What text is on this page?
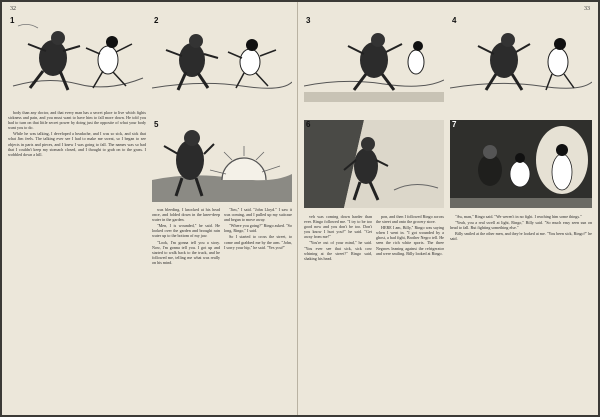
32
1	2
5

body than any doctor, and that every man has a secret place to live which fights sickness and pain, and you must want to have him to fall more down. He told you had to turn on that little secret power by doing just the opposite of what your body want you to do.

While he was talking, I developed a headache, and I was so sick, and sick that what Jim feels. The talking ever see I had to make me sweat, so I began to see objects in parts and pieces, and I knew I was going to fall. The names was so bad that I couldn't keep my stomach closed, and I thought to grab on to the grass. I wobbled down a hill.

was bleeding. I knocked at his head once, and folded down in the knee-deep water in the garden.

"Men, I is wounded," he said. He looked over the garden and brought rain water up to the bottom of my jaw.

"Look, I'm gonna tell you a story. Now, I'm gonna tell you. I got up and started to walk back to the truck, and he followed me, telling me what was really on his mind.

"Jim," I said. "John Lloyd." I saw it was coming, and I pulled up my suitcase and began to move away.

"Where you going?" Ringo asked. "So long, Ringo," I said.

So I started to cross the street, to come and grabbed me by the arm. "John, I sorry your hip," he said. "Yes you?"

33
3	4
6	7

veh was coming down harder than ever. Ringo followed me. "I try to be too good now and you don't be too. Don't you know I hurt you?" he said. "Get away from me!"

"You're out of your mind," he said. "You ever see that sick, sick cow whining at the street?" Ringo said, shaking his head.

pon, and then I followed Ringo across the street and onto the grocery store.

HERE I am, Billy," Ringo was saying when I went in. "I got wounded by a ghost, a bad fight, Brother Negro tell. He seen the rich white sports. The three Negroes leaning against the refrigerator and were smiling. Billy looked at Ringo.

"Aw, man," Ringo said. "We weren't in no fight. I reaching him some things."

"Yeah, you a real swell at light, Ringo," Billy said. "So much easy seen sun on head to fall. But fighting something else."

Billy smiled at the other men, and they're looked at me. "You been sick, Ringo?" he said.
